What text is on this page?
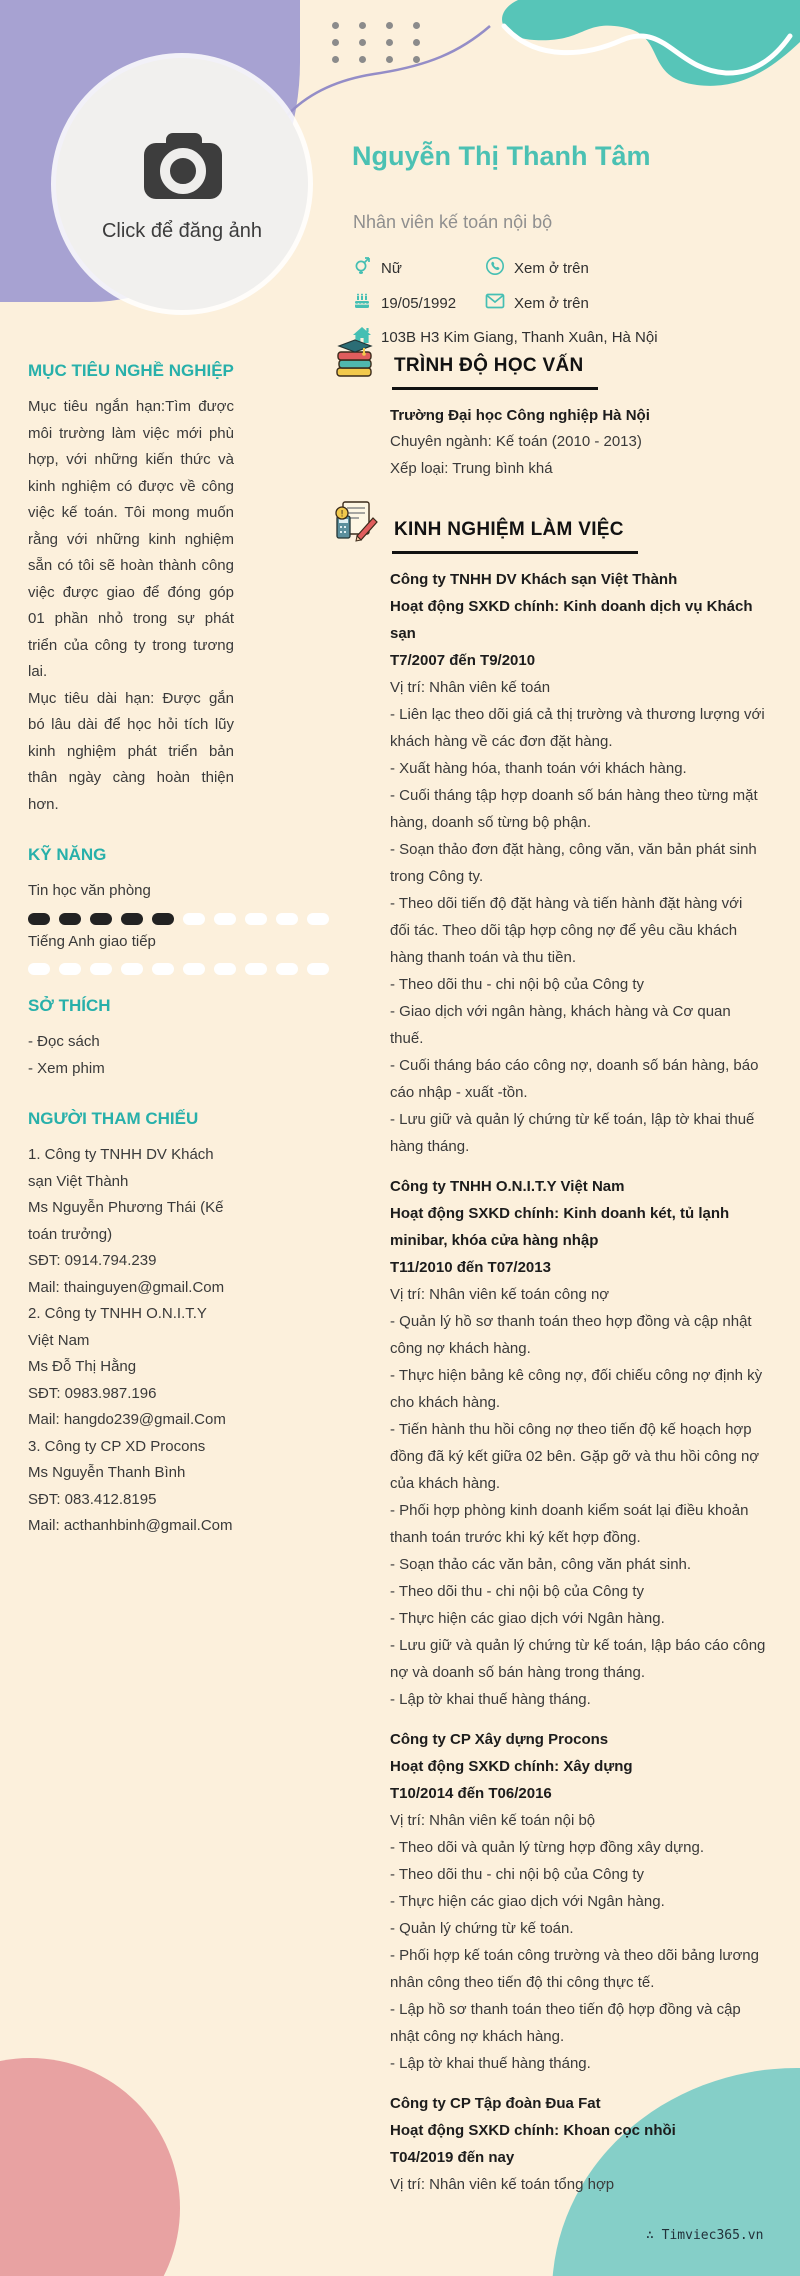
Click để đăng ảnh
Nguyễn Thị Thanh Tâm
Nhân viên kế toán nội bộ
Nữ	Xem ở trên
19/05/1992	Xem ở trên
103B H3 Kim Giang, Thanh Xuân, Hà Nội
MỤC TIÊU NGHỀ NGHIỆP

Mục tiêu ngắn hạn:Tìm được môi trường làm việc mới phù hợp, với những kiến thức và kinh nghiệm có được về công việc kế toán. Tôi mong muốn rằng với những kinh nghiệm sẵn có tôi sẽ hoàn thành công việc được giao để đóng góp 01 phần nhỏ trong sự phát triển của công ty trong tương lai.

Mục tiêu dài hạn: Được gắn bó lâu dài để học hỏi tích lũy kinh nghiệm phát triển bản thân ngày càng hoàn thiện hơn.

KỸ NĂNG
Tin học văn phòng
Tiếng Anh giao tiếp
SỞ THÍCH
- Đọc sách
- Xem phim
NGƯỜI THAM CHIẾU
1. Công ty TNHH DV Khách sạn Việt Thành
Ms Nguyễn Phương Thái (Kế toán trưởng)
SĐT: 0914.794.239
Mail: thainguyen@gmail.Com
2. Công ty TNHH O.N.I.T.Y Việt Nam
Ms Đỗ Thị Hằng
SĐT: 0983.987.196
Mail: hangdo239@gmail.Com
3. Công ty CP XD Procons
Ms Nguyễn Thanh Bình
SĐT: 083.412.8195
Mail: acthanhbinh@gmail.Com
TRÌNH ĐỘ HỌC VẤN
Trường Đại học Công nghiệp Hà Nội
Chuyên ngành: Kế toán (2010 - 2013)
Xếp loại: Trung bình khá
!
KINH NGHIỆM LÀM VIỆC
Công ty TNHH DV Khách sạn Việt Thành
Hoạt động SXKD chính: Kinh doanh dịch vụ Khách sạn
T7/2007 đến T9/2010
Vị trí: Nhân viên kế toán
- Liên lạc theo dõi giá cả thị trường và thương lượng với khách hàng về các đơn đặt hàng.
- Xuất hàng hóa, thanh toán với khách hàng.
- Cuối tháng tập hợp doanh số bán hàng theo từng mặt hàng, doanh số từng bộ phận.
- Soạn thảo đơn đặt hàng, công văn, văn bản phát sinh trong Công ty.
- Theo dõi tiến độ đặt hàng và tiến hành đặt hàng với đối tác. Theo dõi tập hợp công nợ để yêu cầu khách hàng thanh toán và thu tiền.
- Theo dõi thu - chi nội bộ của Công ty
- Giao dịch với ngân hàng, khách hàng và Cơ quan thuế.
- Cuối tháng báo cáo công nợ, doanh số bán hàng, báo cáo nhập - xuất -tồn.
- Lưu giữ và quản lý chứng từ kế toán, lập tờ khai thuế hàng tháng.
Công ty TNHH O.N.I.T.Y Việt Nam
Hoạt động SXKD chính: Kinh doanh két, tủ lạnh minibar, khóa cửa hàng nhập
T11/2010 đến T07/2013
Vị trí: Nhân viên kế toán công nợ
- Quản lý hồ sơ thanh toán theo hợp đồng và cập nhật công nợ khách hàng.
- Thực hiện bảng kê công nợ, đối chiếu công nợ định kỳ cho khách hàng.
- Tiến hành thu hồi công nợ theo tiến độ kế hoạch hợp đồng đã ký kết giữa 02 bên. Gặp gỡ và thu hồi công nợ của khách hàng.
- Phối hợp phòng kinh doanh kiểm soát lại điều khoản thanh toán trước khi ký kết hợp đồng.
- Soạn thảo các văn bản, công văn phát sinh.
- Theo dõi thu - chi nội bộ của Công ty
- Thực hiện các giao dịch với Ngân hàng.
- Lưu giữ và quản lý chứng từ kế toán, lập báo cáo công nợ và doanh số bán hàng trong tháng.
- Lập tờ khai thuế hàng tháng.
Công ty CP Xây dựng Procons
Hoạt động SXKD chính: Xây dựng
T10/2014 đến T06/2016
Vị trí: Nhân viên kế toán nội bộ
- Theo dõi và quản lý từng hợp đồng xây dựng.
- Theo dõi thu - chi nội bộ của Công ty
- Thực hiện các giao dịch với Ngân hàng.
- Quản lý chứng từ kế toán.
- Phối hợp kế toán công trường và theo dõi bảng lương nhân công theo tiến độ thi công thực tế.
- Lập hồ sơ thanh toán theo tiến độ hợp đồng và cập nhật công nợ khách hàng.
- Lập tờ khai thuế hàng tháng.
Công ty CP Tập đoàn Đua Fat
Hoạt động SXKD chính: Khoan cọc nhồi
T04/2019 đến nay
Vị trí: Nhân viên kế toán tổng hợp
∴ Timviec365.vn
